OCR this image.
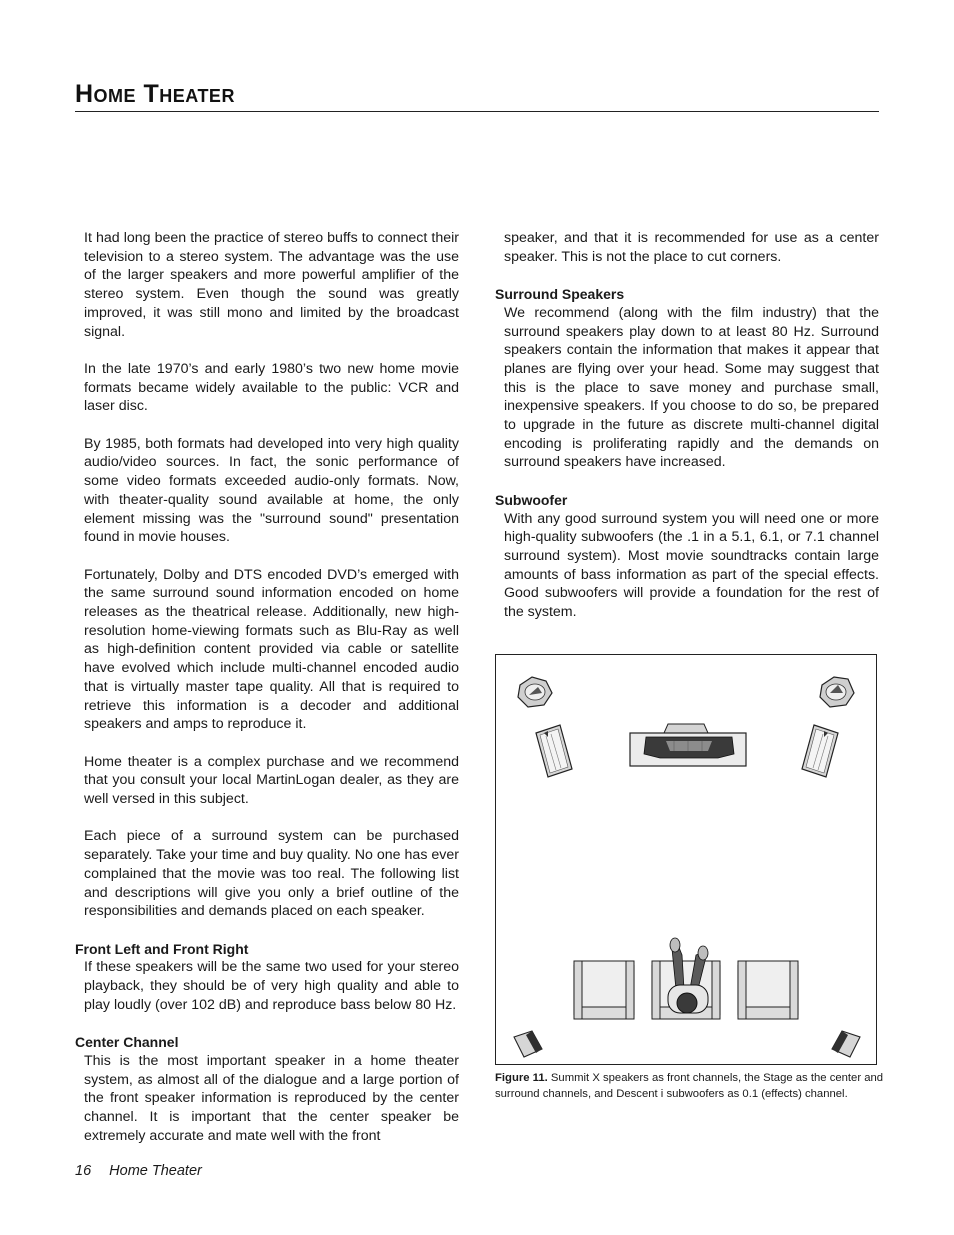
Home Theater

It had long been the practice of stereo buffs to connect their television to a stereo system. The advantage was the use of the larger speakers and more powerful amplifier of the stereo system. Even though the sound was greatly improved, it was still mono and limited by the broadcast signal.

In the late 1970’s and early 1980’s two new home movie formats became widely available to the public: VCR and laser disc.

By 1985, both formats had developed into very high quality audio/video sources. In fact, the sonic performance of some video formats exceeded audio-only formats. Now, with theater-quality sound available at home, the only element missing was the "surround sound" presentation found in movie houses.

Fortunately, Dolby and DTS encoded DVD’s emerged with the same surround sound information encoded on home releases as the theatrical release. Additionally, new high-resolution home-viewing formats such as Blu-Ray as well as high-definition content provided via cable or satellite have evolved which include multi-channel encoded audio that is virtually master tape quality. All that is required to retrieve this information is a decoder and additional speakers and amps to reproduce it.

Home theater is a complex purchase and we recommend that you consult your local MartinLogan dealer, as they are well versed in this subject.

Each piece of a surround system can be purchased separately. Take your time and buy quality. No one has ever complained that the movie was too real. The following list and descriptions will give you only a brief outline of the responsibilities and demands placed on each speaker.

Front Left and Front Right

If these speakers will be the same two used for your stereo playback, they should be of very high quality and able to play loudly (over 102 dB) and reproduce bass below 80 Hz.

Center Channel

This is the most important speaker in a home theater system, as almost all of the dialogue and a large portion of the front speaker information is reproduced by the center channel. It is important that the center speaker be extremely accurate and mate well with the front

speaker, and that it is recommended for use as a center speaker. This is not the place to cut corners.

Surround Speakers

We recommend (along with the film industry) that the surround speakers play down to at least 80 Hz. Surround speakers contain the information that makes it appear that planes are flying over your head. Some may suggest that this is the place to save money and purchase small, inexpensive speakers. If you choose to do so, be prepared to upgrade in the future as discrete multi-channel digital encoding is proliferating rapidly and the demands on surround speakers have increased.

Subwoofer

With any good surround system you will need one or more high-quality subwoofers (the .1 in a 5.1, 6.1, or 7.1 channel surround system). Most movie soundtracks contain large amounts of bass information as part of the special effects. Good subwoofers will provide a foundation for the rest of the system.

Figure 11. Summit X speakers as front channels, the Stage as the center and surround channels, and Descent i subwoofers as 0.1 (effects) channel.
16 Home Theater
